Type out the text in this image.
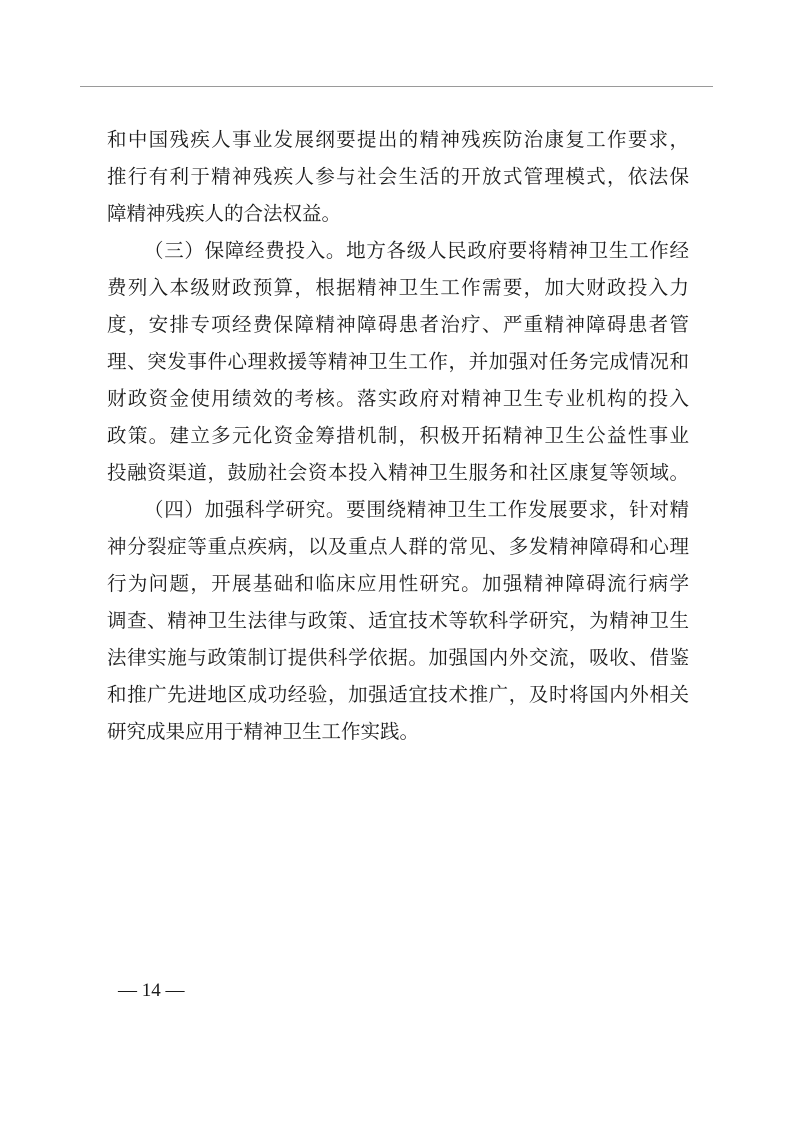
和中国残疾人事业发展纲要提出的精神残疾防治康复工作要求，
推行有利于精神残疾人参与社会生活的开放式管理模式，依法保
障精神残疾人的合法权益。
（三）保障经费投入。地方各级人民政府要将精神卫生工作经
费列入本级财政预算，根据精神卫生工作需要，加大财政投入力
度，安排专项经费保障精神障碍患者治疗、严重精神障碍患者管
理、突发事件心理救援等精神卫生工作，并加强对任务完成情况和
财政资金使用绩效的考核。落实政府对精神卫生专业机构的投入
政策。建立多元化资金筹措机制，积极开拓精神卫生公益性事业
投融资渠道，鼓励社会资本投入精神卫生服务和社区康复等领域。
（四）加强科学研究。要围绕精神卫生工作发展要求，针对精
神分裂症等重点疾病，以及重点人群的常见、多发精神障碍和心理
行为问题，开展基础和临床应用性研究。加强精神障碍流行病学
调查、精神卫生法律与政策、适宜技术等软科学研究，为精神卫生
法律实施与政策制订提供科学依据。加强国内外交流，吸收、借鉴
和推广先进地区成功经验，加强适宜技术推广，及时将国内外相关
研究成果应用于精神卫生工作实践。
— 14 —
